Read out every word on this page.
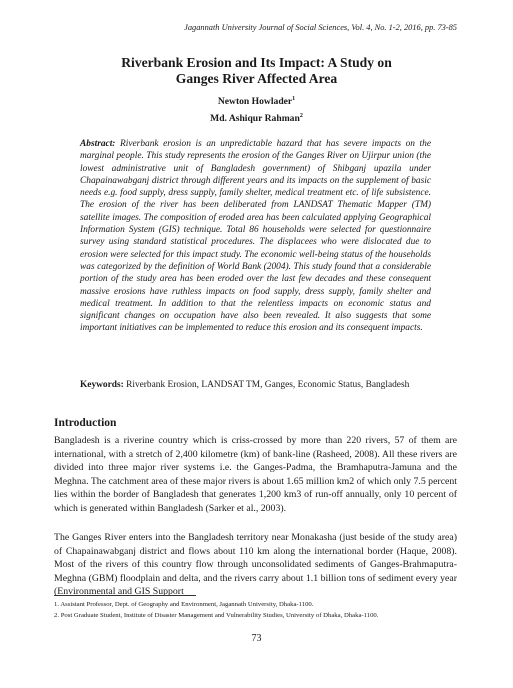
Jagannath University Journal of Social Sciences, Vol. 4, No. 1-2, 2016, pp. 73-85
Riverbank Erosion and Its Impact: A Study on
Ganges River Affected Area
Newton Howlader$^1$
Md. Ashiqur Rahman$^2$
Abstract: Riverbank erosion is an unpredictable hazard that has severe impacts on the marginal people. This study represents the erosion of the Ganges River on Ujirpur union (the lowest administrative unit of Bangladesh government) of Shibganj upazila under Chapainawabganj district through different years and its impacts on the supplement of basic needs e.g. food supply, dress supply, family shelter, medical treatment etc. of life subsistence. The erosion of the river has been deliberated from LANDSAT Thematic Mapper (TM) satellite images. The composition of eroded area has been calculated applying Geographical Information System (GIS) technique. Total 86 households were selected for questionnaire survey using standard statistical procedures. The displacees who were dislocated due to erosion were selected for this impact study. The economic well-being status of the households was categorized by the definition of World Bank (2004). This study found that a considerable portion of the study area has been eroded over the last few decades and these consequent massive erosions have ruthless impacts on food supply, dress supply, family shelter and medical treatment. In addition to that the relentless impacts on economic status and significant changes on occupation have also been revealed. It also suggests that some important initiatives can be implemented to reduce this erosion and its consequent impacts.
Keywords: Riverbank Erosion, LANDSAT TM, Ganges, Economic Status, Bangladesh
Introduction
Bangladesh is a riverine country which is criss-crossed by more than 220 rivers, 57 of them are international, with a stretch of 2,400 kilometre (km) of bank-line (Rasheed, 2008). All these rivers are divided into three major river systems i.e. the Ganges-Padma, the Bramhaputra-Jamuna and the Meghna. The catchment area of these major rivers is about 1.65 million km2 of which only 7.5 percent lies within the border of Bangladesh that generates 1,200 km3 of run-off annually, only 10 percent of which is generated within Bangladesh (Sarker et al., 2003).
The Ganges River enters into the Bangladesh territory near Monakasha (just beside of the study area) of Chapainawabganj district and flows about 110 km along the international border (Haque, 2008). Most of the rivers of this country flow through unconsolidated sediments of Ganges-Brahmaputra-Meghna (GBM) floodplain and delta, and the rivers carry about 1.1 billion tons of sediment every year (Environmental and GIS Support
1. Assistant Professor, Dept. of Geography and Environment, Jagannath University, Dhaka-1100.
2. Post Graduate Student, Institute of Disaster Management and Vulnerability Studies, University of Dhaka, Dhaka-1100.
73
